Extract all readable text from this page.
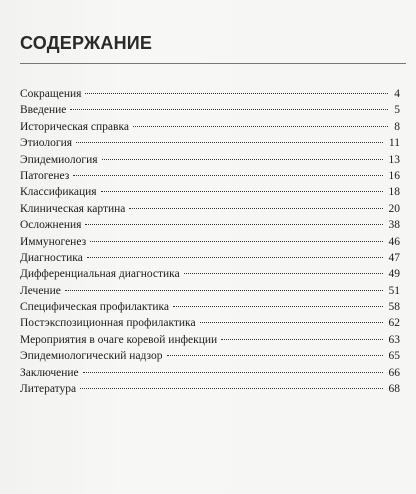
СОДЕРЖАНИЕ
Сокращения	4
Введение	5
Историческая справка	8
Этиология	11
Эпидемиология	13
Патогенез	16
Классификация	18
Клиническая картина	20
Осложнения	38
Иммуногенез	46
Диагностика	47
Дифференциальная диагностика	49
Лечение	51
Специфическая профилактика	58
Постэкспозиционная профилактика	62
Мероприятия в очаге коревой инфекции	63
Эпидемиологический надзор	65
Заключение	66
Литература	68
